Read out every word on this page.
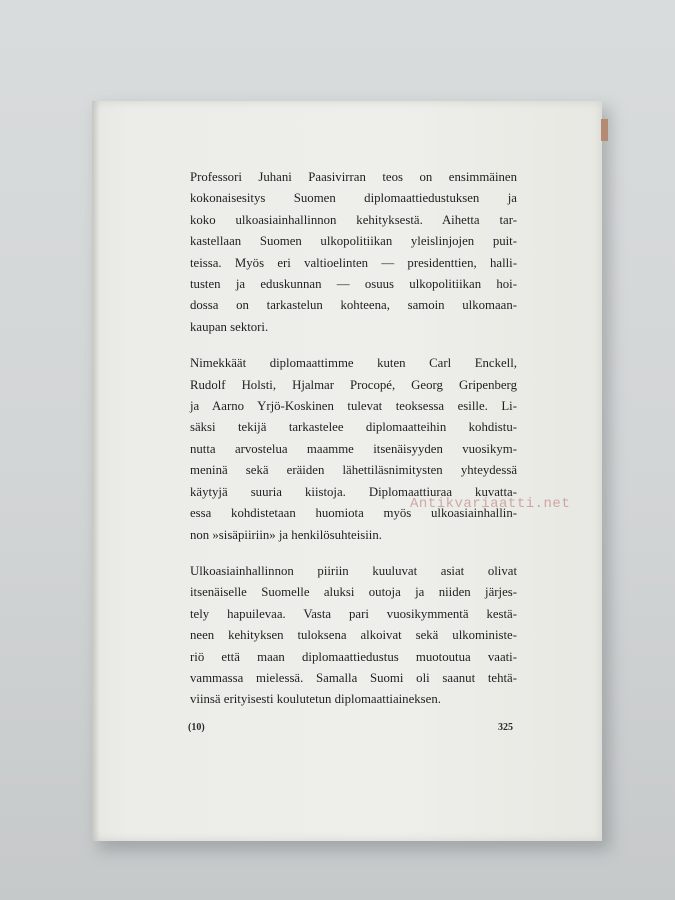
Professori Juhani Paasivirran teos on ensimmäinen
kokonaisesitys Suomen diplomaattiedustuksen ja
koko ulkoasiainhallinnon kehityksestä. Aihetta tar-
kastellaan Suomen ulkopolitiikan yleislinjojen puit-
teissa. Myös eri valtioelinten — presidenttien, halli-
tusten ja eduskunnan — osuus ulkopolitiikan hoi-
dossa on tarkastelun kohteena, samoin ulkomaan-
kaupan sektori.
Nimekkäät diplomaattimme kuten Carl Enckell,
Rudolf Holsti, Hjalmar Procopé, Georg Gripenberg
ja Aarno Yrjö-Koskinen tulevat teoksessa esille. Li-
säksi tekijä tarkastelee diplomaatteihin kohdistu-
nutta arvostelua maamme itsenäisyyden vuosikym-
meninä sekä eräiden lähettiläsnimitysten yhteydessä
käytyjä suuria kiistoja. Diplomaattiuraa kuvatta-
essa kohdistetaan huomiota myös ulkoasiainhallin-
non »sisäpiiriin» ja henkilösuhteisiin.
Ulkoasiainhallinnon piiriin kuuluvat asiat olivat
itsenäiselle Suomelle aluksi outoja ja niiden järjes-
tely hapuilevaa. Vasta pari vuosikymmentä kestä-
neen kehityksen tuloksena alkoivat sekä ulkoministe-
riö että maan diplomaattiedustus muotoutua vaati-
vammassa mielessä. Samalla Suomi oli saanut tehtä-
viinsä erityisesti koulutetun diplomaattiaineksen.
(10)	325
Antikvariaatti.net
